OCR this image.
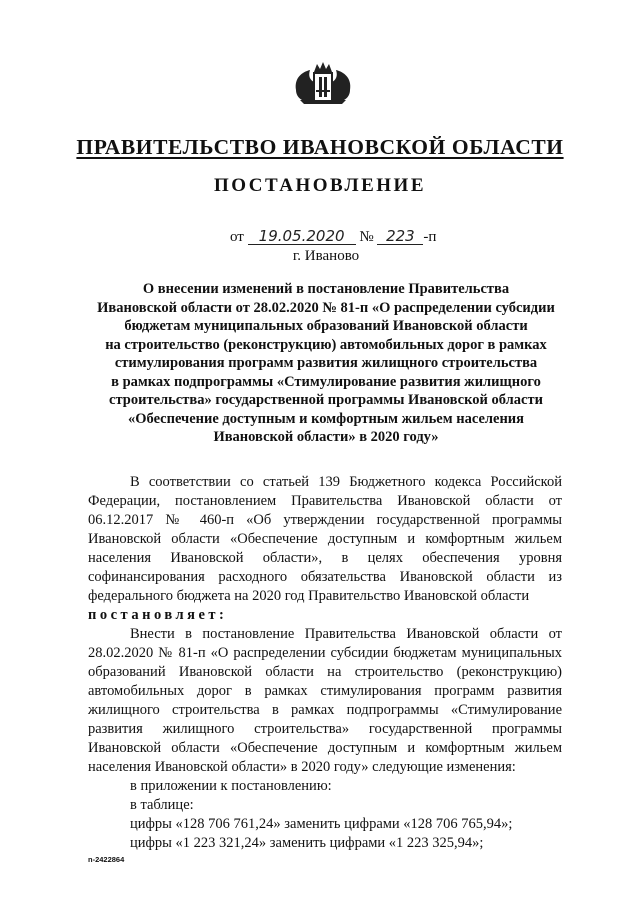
ПРАВИТЕЛЬСТВО ИВАНОВСКОЙ ОБЛАСТИ
ПОСТАНОВЛЕНИЕ
от 19.05.2020 № 223 -п
г. Иваново
О внесении изменений в постановление Правительства
Ивановской области от 28.02.2020 № 81-п «О распределении субсидии
бюджетам муниципальных образований Ивановской области
на строительство (реконструкцию) автомобильных дорог в рамках
стимулирования программ развития жилищного строительства
в рамках подпрограммы «Стимулирование развития жилищного
строительства» государственной программы Ивановской области
«Обеспечение доступным и комфортным жильем населения
Ивановской области» в 2020 году»

В соответствии со статьей 139 Бюджетного кодекса Российской Федерации, постановлением Правительства Ивановской области от 06.12.2017 № 460-п «Об утверждении государственной программы Ивановской области «Обеспечение доступным и комфортным жильем населения Ивановской области», в целях обеспечения уровня софинансирования расходного обязательства Ивановской области из федерального бюджета на 2020 год Правительство Ивановской области

постановляет:

Внести в постановление Правительства Ивановской области от 28.02.2020 № 81-п «О распределении субсидии бюджетам муниципальных образований Ивановской области на строительство (реконструкцию) автомобильных дорог в рамках стимулирования программ развития жилищного строительства в рамках подпрограммы «Стимулирование развития жилищного строительства» государственной программы Ивановской области «Обеспечение доступным и комфортным жильем населения Ивановской области» в 2020 году» следующие изменения:

в приложении к постановлению:

в таблице:

цифры «128 706 761,24» заменить цифрами «128 706 765,94»;

цифры «1 223 321,24» заменить цифрами «1 223 325,94»;

n-2422864
